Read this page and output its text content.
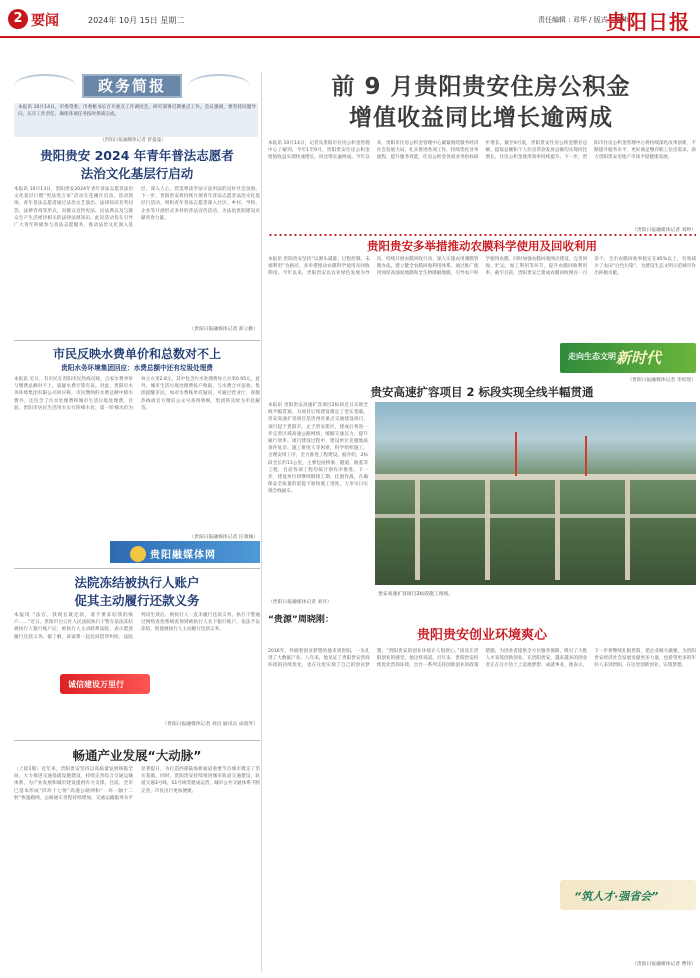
2 要闻	2024年 10月 15日 星期二	责任编辑 : 邓华 / 版式 : 陈伟
贵阳日报
政务简报
本报讯 10月14日，市委常委、市委秘书长召开重点工作调度会，研究部署近期重点工作。会议强调，要坚持问题导向，压实工作责任，确保各项任务按时保质完成。
（贵阳日报融媒体记者 曾曼曼）
贵阳贵安 2024 年青年普法志愿者
法治文化基层行启动
本报讯 10月13日，贵阳贵安2024年青年普法志愿者法治文化基层行暨“宪法进万家”活动在花溪区启动。活动现场，青年普法志愿者通过法治文艺演出、法律知识有奖问答、法律咨询等形式，向群众宣传宪法、民法典以及与群众生产生活密切相关的法律法规知识。此次活动旨在引导广大青年积极参与普法志愿服务，推动法治文化深入基层、深入人心，营造尊法学法守法用法的良好社会氛围。下一步，贵阳贵安将持续开展青年普法志愿者法治文化基层行活动，组织青年普法志愿者深入社区、乡村、学校、企业等开展形式多样的普法宣传活动，为法治贵阳建设贡献青春力量。
（贵阳日报融媒体记者 郑立勤）
市民反映水费单价和总数对不上
贵阳水务环境集团回应：水费总额中还有垃圾处理费
本报讯 近日，有市民在贵阳市民热线反映，自家水费单价与缴费总额对不上，质疑水费计算有误。对此，贵阳市水务环境集团有限公司回应称，市民缴纳的水费总额中除水费外，还包含了污水处理费和城市生活垃圾处理费。目前，贵阳市居民生活用水实行阶梯水价，第一阶梯水价为每立方米2.8元，其中包含污水处理费每立方米0.95元。此外，城市生活垃圾处理费按户收取，与水费合并征收。集团提醒市民，如对水费账单有疑问，可通过营业厅、客服热线或官方微信公众号查询明细，集团将及时为市民解答。
（贵阳日报融媒体记者 汪康铖）
贵阳融媒体网
法院冻结被执行人账户
促其主动履行还款义务
本报讯 “法官，我现在就还款，请不要冻结我的账户……”近日，贵阳市白云区人民法院执行干警在依法冻结被执行人银行账户后，被执行人主动联系法院，表示愿意履行还款义务。据了解，该案系一起民间借贷纠纷，法院判决生效后，被执行人一直未履行还款义务。执行干警通过网络查控系统查询到被执行人名下银行账户，依法予以冻结，促使被执行人主动履行还款义务。
诚信建设万里行
（贵阳日报融媒体记者 刘昌 通讯员 成骁琴）
畅通产业发展“大动脉”
（上接1版）近年来，贵阳贵安坚持以高质量发展统揽全局，大力推进交通基础设施建设，持续完善综合交通运输体系，为产业发展和城市建设提供有力支撑。目前，全市已基本形成“四环十七射”高速公路网和“一环一轴十二射”快速路网，公路通车里程持续增加，交通运输服务水平显著提升，为打造西部陆海新通道重要节点城市奠定了坚实基础。同时，贵阳贵安持续推进城市轨道交通建设，轨道交通3号线、S1号线等建成运营，城市公共交通体系不断完善，市民出行更加便捷。
前 9 月贵阳贵安住房公积金
增值收益同比增长逾两成
本报讯 10月14日，记者从贵阳市住房公积金管理中心了解到，今年1至9月，贵阳贵安住房公积金增值收益实现快速增长，同比增长逾两成。今年以来，贵阳市住房公积金管理中心紧紧围绕服务经济社会发展大局，扎实推进各项工作，持续优化业务流程，提升服务效能，住房公积金各项业务指标稳步增长。截至9月底，贵阳贵安住房公积金缴存总额、提取总额和个人住房贷款发放总额均实现同比增长，住房公积金使用效率持续提升。下一步，贵阳市住房公积金管理中心将持续深化改革创新，不断提升服务水平，更好满足缴存职工住房需求，助力贵阳贵安房地产市场平稳健康发展。
（贵阳日报融媒体记者 刘婷）
贵阳贵安多举措推动农膜科学使用及回收利用
本报讯 贵阳贵安坚持“以源头减量、过程控制、末端利用”为路径，多举措推动农膜科学使用及回收利用。今年以来，贵阳贵安以农业绿色发展为导向，持续开展农膜回收行动，深入实施农用薄膜管理办法，建立健全农膜回收利用体系，通过推广使用加厚高强度地膜和全生物降解地膜，引导农户科学使用农膜，同时加强农膜回收网点建设，完善回收、贮运、加工利用等环节，提升农膜回收利用率。截至目前，贵阳贵安已建成农膜回收网点一百余个，全市农膜回收率稳定在85%以上，有效减少了农田“白色污染”，为建设生态文明示范城市作出积极贡献。
走向生态文明 新时代
（贵阳日报融媒体记者 李惊瑶）
贵安高速扩容项目 2 标段实现全线半幅贯通
本报讯 贵阳贵安高速扩容项目2标段近日实现全线半幅贯通，为项目后续建设奠定了坚实基础。贵安高速扩容项目是贵州省重点交通建设项目，项目起于贵阳市，止于贵安新区，建成后将进一步完善区域高速公路网络，缓解交通压力，提升通行效率。项目建设过程中，建设单位克服地质条件复杂、施工难度大等困难，科学组织施工，合理安排工序，全力推进工程建设。据介绍，2标段全长约11公里，主要包括桥梁、隧道、路基等工程，目前各项工程均按计划有序推进。下一步，建设单位将继续倒排工期、挂图作战，在确保安全质量的前提下加快施工进度，力争早日实现全线通车。
贵安高速扩容项目2标段施工现场。
（贵阳日报融媒体记者 刘丹）
“贵源”周晓刚：
贵阳贵安创业环境爽心
2016年，怀揣着创业梦想的他来到贵阳，一头扎进了大数据产业。八年来，他见证了贵阳贵安营商环境的持续优化，也在这里实现了自己的创业梦想。“贵阳贵安的创业环境让人很舒心。”谈及在贵阳创业的感受，他这样说道。近年来，贵阳贵安持续优化营商环境，出台一系列支持创新创业的政策措施，为创业者提供全方位服务保障，吸引了大批人才来筑创新创业。在贵阳贵安，越来越多的创业者正在这片热土上追逐梦想、成就事业。他表示，下一步将继续扎根贵阳，把企业做大做强，为贵阳贵安经济社会发展贡献更多力量，也希望更多的年轻人来到贵阳，在这里创新创业、实现梦想。
“筑人才·强省会”
（贵阳日报融媒体记者 曹伟）
